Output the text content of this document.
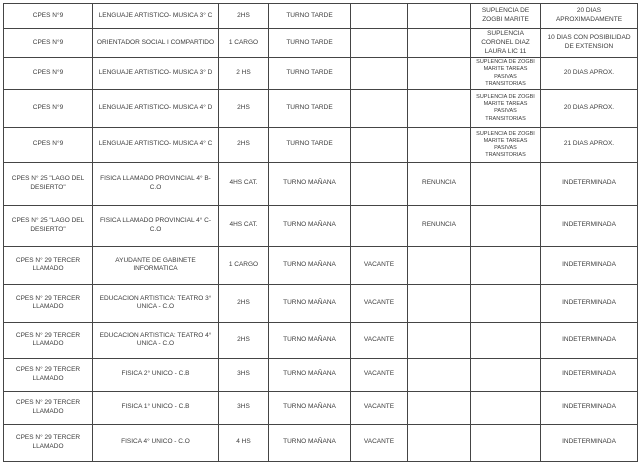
CPES N°9	LENGUAJE ARTISTICO- MUSICA 3° C	2HS	TURNO TARDE			SUPLENCIA DE ZOGBI MARITE	20 DIAS APROXIMADAMENTE
CPES N°9	ORIENTADOR SOCIAL I COMPARTIDO	1 CARGO	TURNO TARDE			SUPLENCIA CORONEL DIAZ LAURA LIC 11	10 DIAS CON POSIBILIDAD DE EXTENSION
CPES N°9	LENGUAJE ARTISTICO- MUSICA 3° D	2 HS	TURNO TARDE			SUPLENCIA DE ZOGBI MARITE TAREAS PASIVAS TRANSITORIAS	20 DIAS APROX.
CPES N°9	LENGUAJE ARTISTICO- MUSICA 4° D	2HS	TURNO TARDE			SUPLENCIA DE ZOGBI MARITE TAREAS PASIVAS TRANSITORIAS	20 DIAS APROX.
CPES N°9	LENGUAJE ARTISTICO- MUSICA 4° C	2HS	TURNO TARDE			SUPLENCIA DE ZOGBI MARITE TAREAS PASIVAS TRANSITORIAS	21 DIAS APROX.
CPES N° 25 "LAGO DEL DESIERTO"	FISICA LLAMADO PROVINCIAL 4° B- C.O	4HS CAT.	TURNO MAÑANA		RENUNCIA		INDETERMINADA
CPES N° 25 "LAGO DEL DESIERTO"	FISICA LLAMADO PROVINCIAL 4° C- C.O	4HS CAT.	TURNO MAÑANA		RENUNCIA		INDETERMINADA
CPES N° 29 TERCER LLAMADO	AYUDANTE DE GABINETE INFORMATICA	1 CARGO	TURNO MAÑANA	VACANTE			INDETERMINADA
CPES N° 29 TERCER LLAMADO	EDUCACION ARTISTICA: TEATRO 3° UNICA - C.O	2HS	TURNO MAÑANA	VACANTE			INDETERMINADA
CPES N° 29 TERCER LLAMADO	EDUCACION ARTISTICA: TEATRO 4° UNICA - C.O	2HS	TURNO MAÑANA	VACANTE			INDETERMINADA
CPES N° 29 TERCER LLAMADO	FISICA 2° UNICO - C.B	3HS	TURNO MAÑANA	VACANTE			INDETERMINADA
CPES N° 29 TERCER LLAMADO	FISICA 1° UNICO - C.B	3HS	TURNO MAÑANA	VACANTE			INDETERMINADA
CPES N° 29 TERCER LLAMADO	FISICA 4° UNICO - C.O	4 HS	TURNO MAÑANA	VACANTE			INDETERMINADA
